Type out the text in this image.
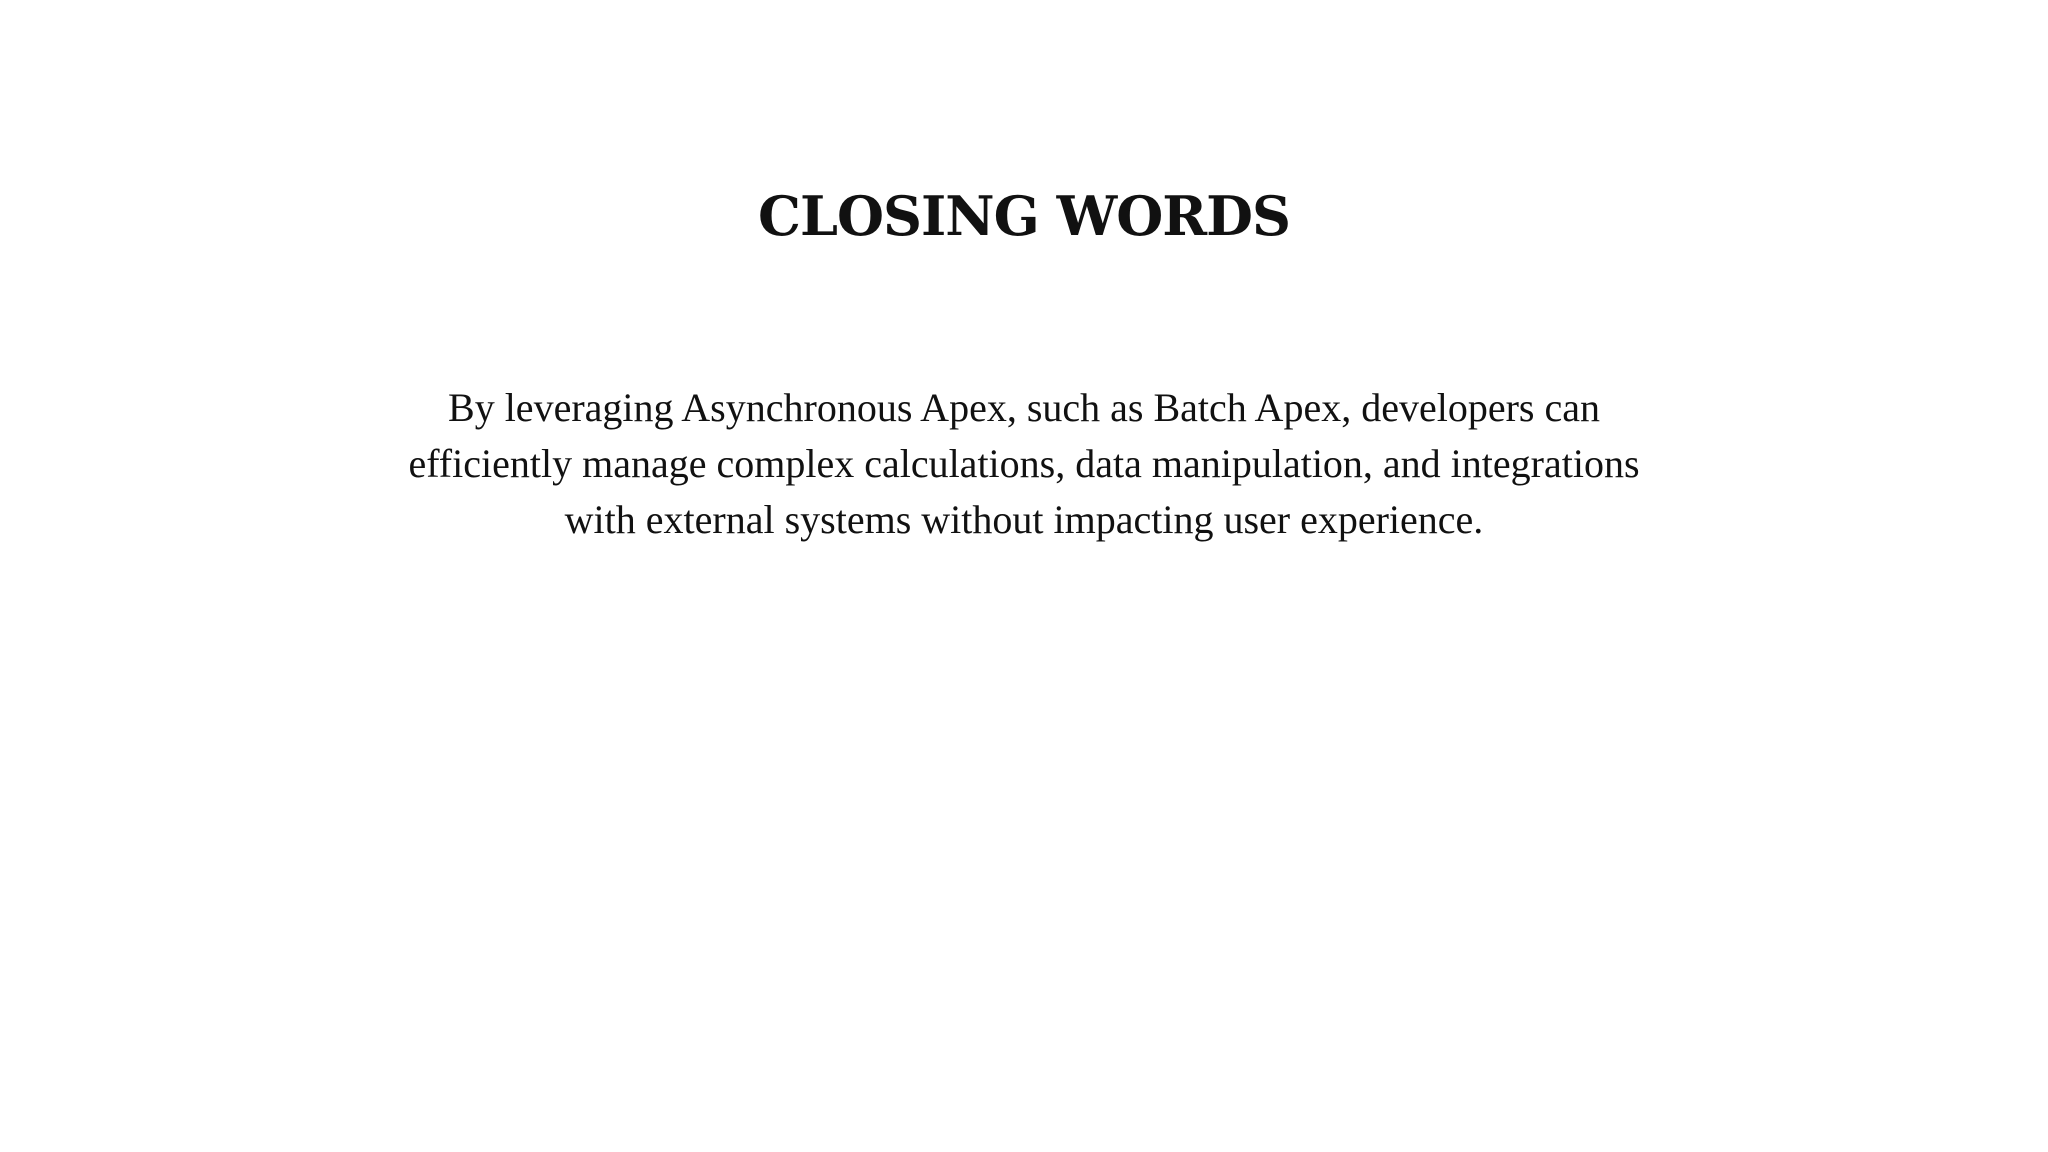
CLOSING WORDS

By leveraging Asynchronous Apex, such as Batch Apex, developers can efficiently manage complex calculations, data manipulation, and integrations with external systems without impacting user experience.
